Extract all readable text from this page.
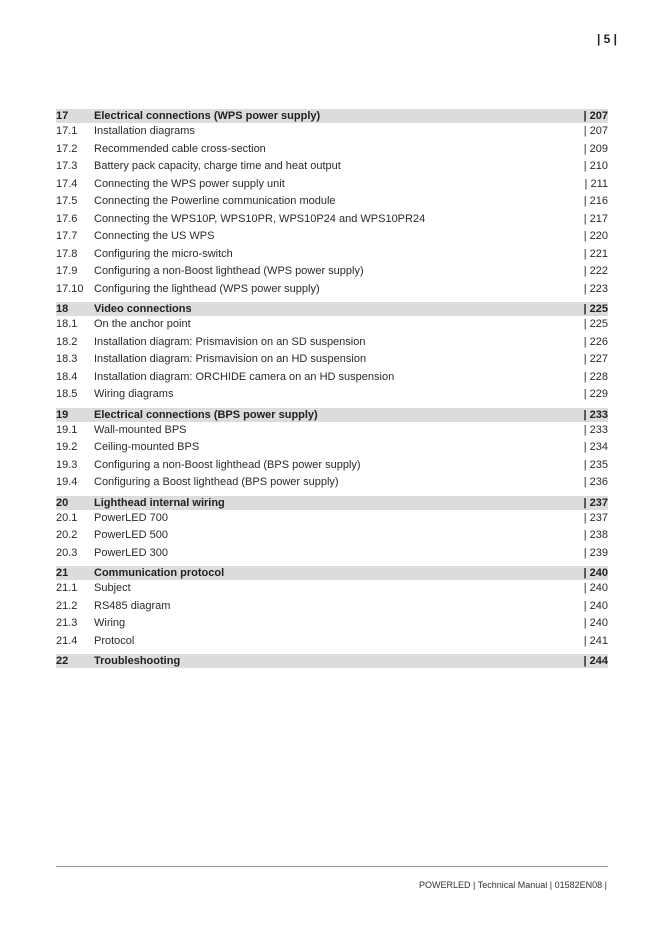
| 5 |
17	Electrical connections (WPS power supply)	| 207
17.1	Installation diagrams	| 207
17.2	Recommended cable cross-section	| 209
17.3	Battery pack capacity, charge time and heat output	| 210
17.4	Connecting the WPS power supply unit	| 211
17.5	Connecting the Powerline communication module	| 216
17.6	Connecting the WPS10P, WPS10PR, WPS10P24 and WPS10PR24	| 217
17.7	Connecting the US WPS	| 220
17.8	Configuring the micro-switch	| 221
17.9	Configuring a non-Boost lighthead (WPS power supply)	| 222
17.10 Configuring the lighthead (WPS power supply)	| 223
18	Video connections	| 225
18.1	On the anchor point	| 225
18.2	Installation diagram: Prismavision on an SD suspension	| 226
18.3	Installation diagram: Prismavision on an HD suspension	| 227
18.4	Installation diagram: ORCHIDE camera on an HD suspension	| 228
18.5	Wiring diagrams	| 229
19	Electrical connections (BPS power supply)	| 233
19.1	Wall-mounted BPS	| 233
19.2	Ceiling-mounted BPS	| 234
19.3	Configuring a non-Boost lighthead (BPS power supply)	| 235
19.4	Configuring a Boost lighthead (BPS power supply)	| 236
20	Lighthead internal wiring	| 237
20.1	PowerLED 700	| 237
20.2	PowerLED 500	| 238
20.3	PowerLED 300	| 239
21	Communication protocol	| 240
21.1	Subject	| 240
21.2	RS485 diagram	| 240
21.3	Wiring	| 240
21.4	Protocol	| 241
22	Troubleshooting	| 244
POWERLED | Technical Manual | 01582EN08 |
